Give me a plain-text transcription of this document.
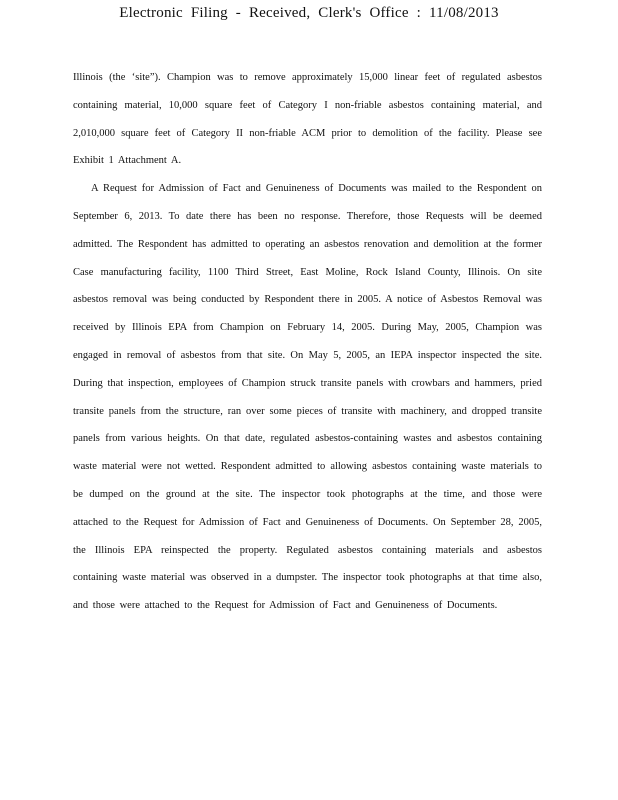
Electronic Filing - Received, Clerk's Office : 11/08/2013

Illinois (the ‘site”). Champion was to remove approximately 15,000 linear feet of regulated asbestos containing material, 10,000 square feet of Category I non-friable asbestos containing material, and 2,010,000 square feet of Category II non-friable ACM prior to demolition of the facility. Please see Exhibit 1 Attachment A.

A Request for Admission of Fact and Genuineness of Documents was mailed to the Respondent on September 6, 2013. To date there has been no response. Therefore, those Requests will be deemed admitted. The Respondent has admitted to operating an asbestos renovation and demolition at the former Case manufacturing facility, 1100 Third Street, East Moline, Rock Island County, Illinois. On site asbestos removal was being conducted by Respondent there in 2005. A notice of Asbestos Removal was received by Illinois EPA from Champion on February 14, 2005. During May, 2005, Champion was engaged in removal of asbestos from that site. On May 5, 2005, an IEPA inspector inspected the site. During that inspection, employees of Champion struck transite panels with crowbars and hammers, pried transite panels from the structure, ran over some pieces of transite with machinery, and dropped transite panels from various heights. On that date, regulated asbestos-containing wastes and asbestos containing waste material were not wetted. Respondent admitted to allowing asbestos containing waste materials to be dumped on the ground at the site. The inspector took photographs at the time, and those were attached to the Request for Admission of Fact and Genuineness of Documents. On September 28, 2005, the Illinois EPA reinspected the property. Regulated asbestos containing materials and asbestos containing waste material was observed in a dumpster. The inspector took photographs at that time also, and those were attached to the Request for Admission of Fact and Genuineness of Documents.
